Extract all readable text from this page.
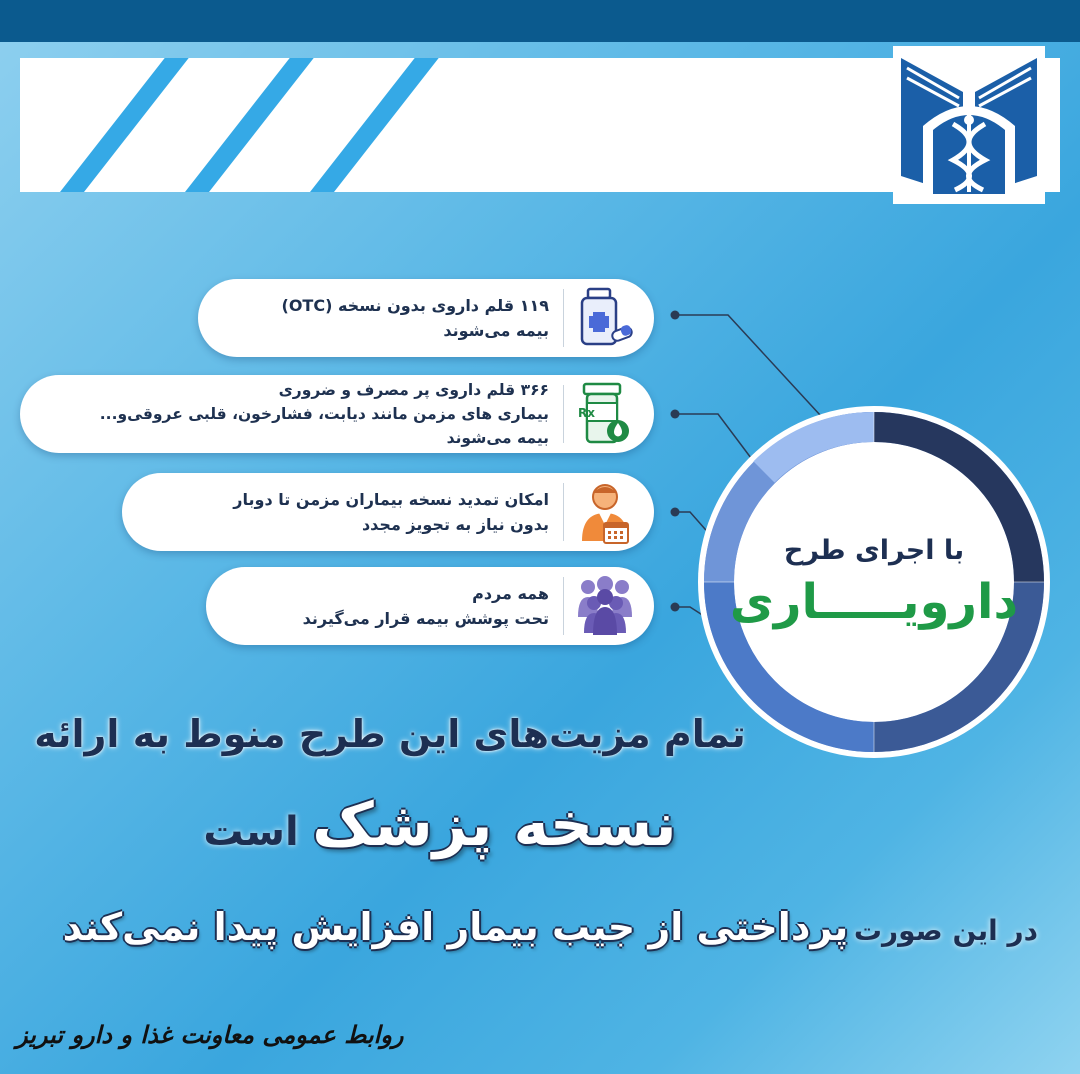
با اجرای طرح
دارویـــــاری
۱۱۹ قلم داروی بدون نسخه (OTC)
بیمه می‌شوند
Rx
۳۶۶ قلم داروی پر مصرف و ضروری
بیماری های مزمن مانند دیابت، فشارخون، قلبی عروقی‌و...
بیمه می‌شوند
امکان تمدید نسخه بیماران مزمن تا دوبار
بدون نیاز به تجویز مجدد
همه مردم
تحت پوشش بیمه قرار می‌گیرند
تمام مزیت‌های این طرح منوط به ارائه
نسخه پزشک است
در این صورت پرداختی از جیب بیمار افزایش پیدا نمی‌کند
روابط عمومی معاونت غذا و دارو تبریز
